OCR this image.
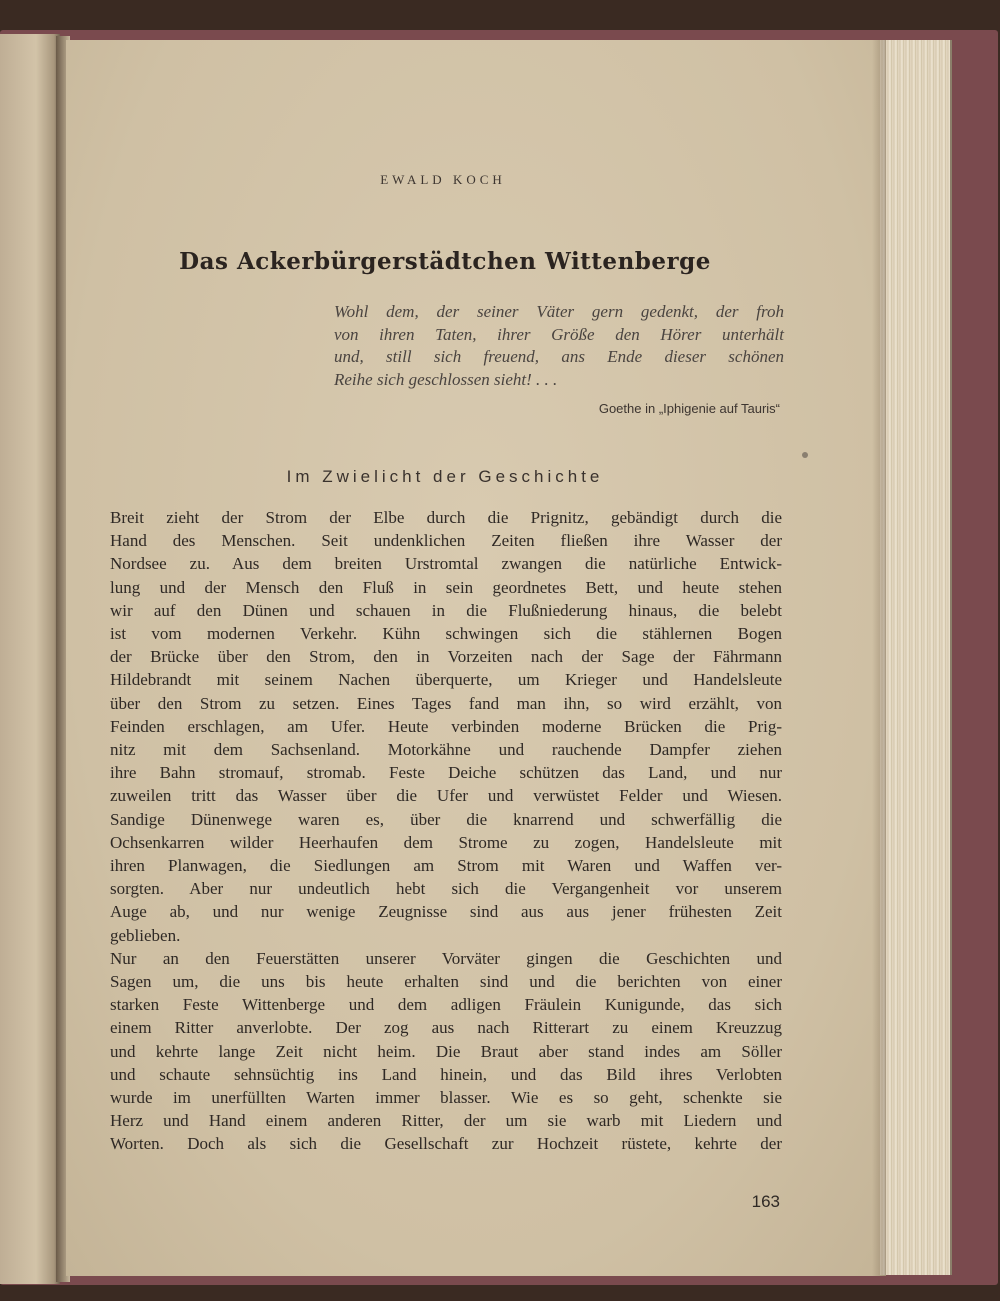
EWALD KOCH
Das Ackerbürgerstädtchen Wittenberge
Wohl dem, der seiner Väter gern gedenkt, der froh
von ihren Taten, ihrer Größe den Hörer unterhält
und, still sich freuend, ans Ende dieser schönen
Reihe sich geschlossen sieht! . . .
Goethe in „Iphigenie auf Tauris“
Im Zwielicht der Geschichte
Breit zieht der Strom der Elbe durch die Prignitz, gebändigt durch die
Hand des Menschen. Seit undenklichen Zeiten fließen ihre Wasser der
Nordsee zu. Aus dem breiten Urstromtal zwangen die natürliche Entwick-
lung und der Mensch den Fluß in sein geordnetes Bett, und heute stehen
wir auf den Dünen und schauen in die Flußniederung hinaus, die belebt
ist vom modernen Verkehr. Kühn schwingen sich die stählernen Bogen
der Brücke über den Strom, den in Vorzeiten nach der Sage der Fährmann
Hildebrandt mit seinem Nachen überquerte, um Krieger und Handelsleute
über den Strom zu setzen. Eines Tages fand man ihn, so wird erzählt, von
Feinden erschlagen, am Ufer. Heute verbinden moderne Brücken die Prig-
nitz mit dem Sachsenland. Motorkähne und rauchende Dampfer ziehen
ihre Bahn stromauf, stromab. Feste Deiche schützen das Land, und nur
zuweilen tritt das Wasser über die Ufer und verwüstet Felder und Wiesen.
Sandige Dünenwege waren es, über die knarrend und schwerfällig die
Ochsenkarren wilder Heerhaufen dem Strome zu zogen, Handelsleute mit
ihren Planwagen, die Siedlungen am Strom mit Waren und Waffen ver-
sorgten. Aber nur undeutlich hebt sich die Vergangenheit vor unserem
Auge ab, und nur wenige Zeugnisse sind aus aus jener frühesten Zeit
geblieben.
Nur an den Feuerstätten unserer Vorväter gingen die Geschichten und
Sagen um, die uns bis heute erhalten sind und die berichten von einer
starken Feste Wittenberge und dem adligen Fräulein Kunigunde, das sich
einem Ritter anverlobte. Der zog aus nach Ritterart zu einem Kreuzzug
und kehrte lange Zeit nicht heim. Die Braut aber stand indes am Söller
und schaute sehnsüchtig ins Land hinein, und das Bild ihres Verlobten
wurde im unerfüllten Warten immer blasser. Wie es so geht, schenkte sie
Herz und Hand einem anderen Ritter, der um sie warb mit Liedern und
Worten. Doch als sich die Gesellschaft zur Hochzeit rüstete, kehrte der
163
